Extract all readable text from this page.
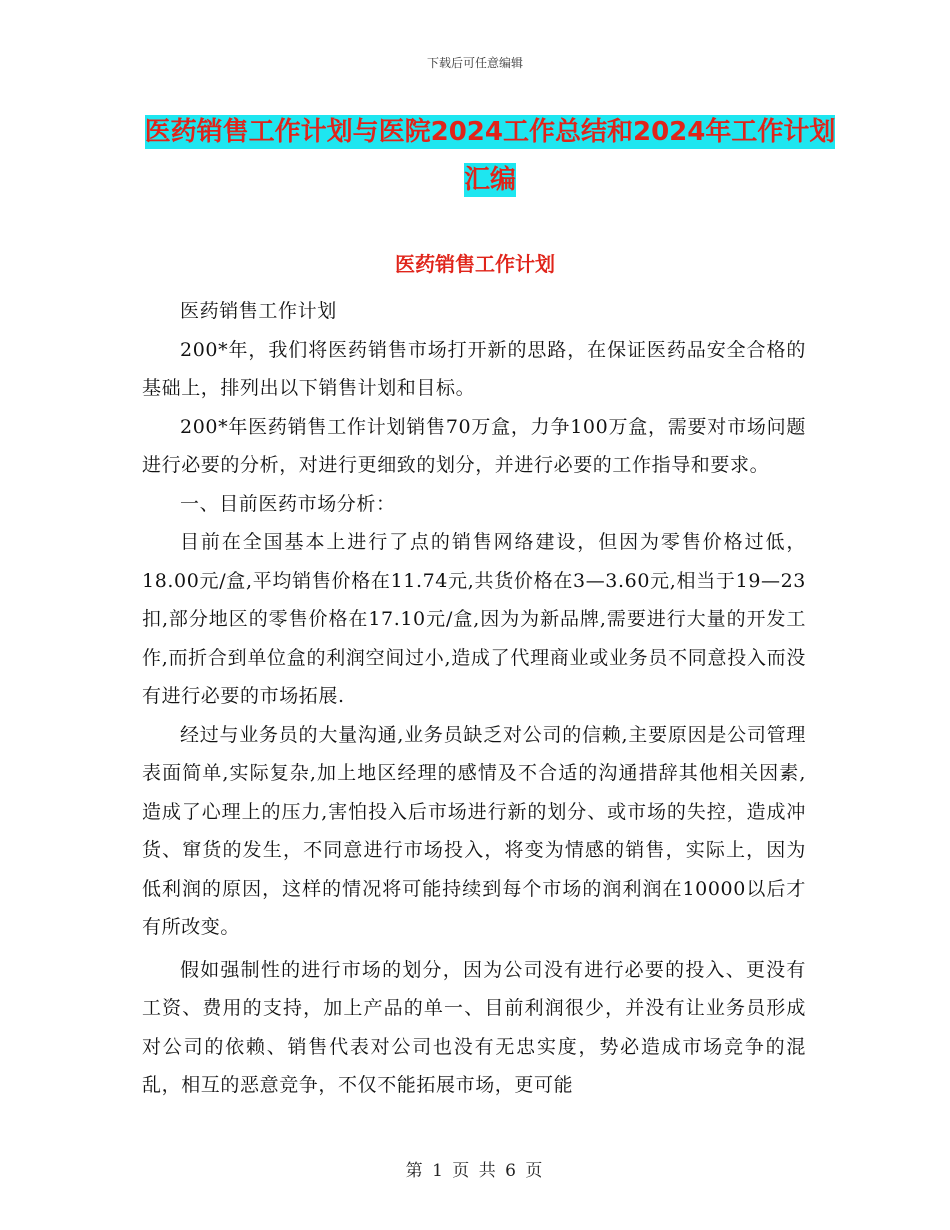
下载后可任意编辑
医药销售工作计划与医院2024工作总结和2024年工作计划汇编
医药销售工作计划

医药销售工作计划

200*年，我们将医药销售市场打开新的思路，在保证医药品安全合格的基础上，排列出以下销售计划和目标。

200*年医药销售工作计划销售70万盒，力争100万盒，需要对市场问题进行必要的分析，对进行更细致的划分，并进行必要的工作指导和要求。

一、目前医药市场分析：

目前在全国基本上进行了点的销售网络建设，但因为零售价格过低，18.00元/盒,平均销售价格在11.74元,共货价格在3—3.60元,相当于19—23扣,部分地区的零售价格在17.10元/盒,因为为新品牌,需要进行大量的开发工作,而折合到单位盒的利润空间过小,造成了代理商业或业务员不同意投入而没有进行必要的市场拓展.

经过与业务员的大量沟通,业务员缺乏对公司的信赖,主要原因是公司管理表面简单,实际复杂,加上地区经理的感情及不合适的沟通措辞其他相关因素,造成了心理上的压力,害怕投入后市场进行新的划分、或市场的失控，造成冲货、窜货的发生，不同意进行市场投入，将变为情感的销售，实际上，因为低利润的原因，这样的情况将可能持续到每个市场的润利润在10000以后才有所改变。

假如强制性的进行市场的划分，因为公司没有进行必要的投入、更没有工资、费用的支持，加上产品的单一、目前利润很少，并没有让业务员形成对公司的依赖、销售代表对公司也没有无忠实度，势必造成市场竞争的混乱，相互的恶意竞争，不仅不能拓展市场，更可能

第 1 页 共 6 页
